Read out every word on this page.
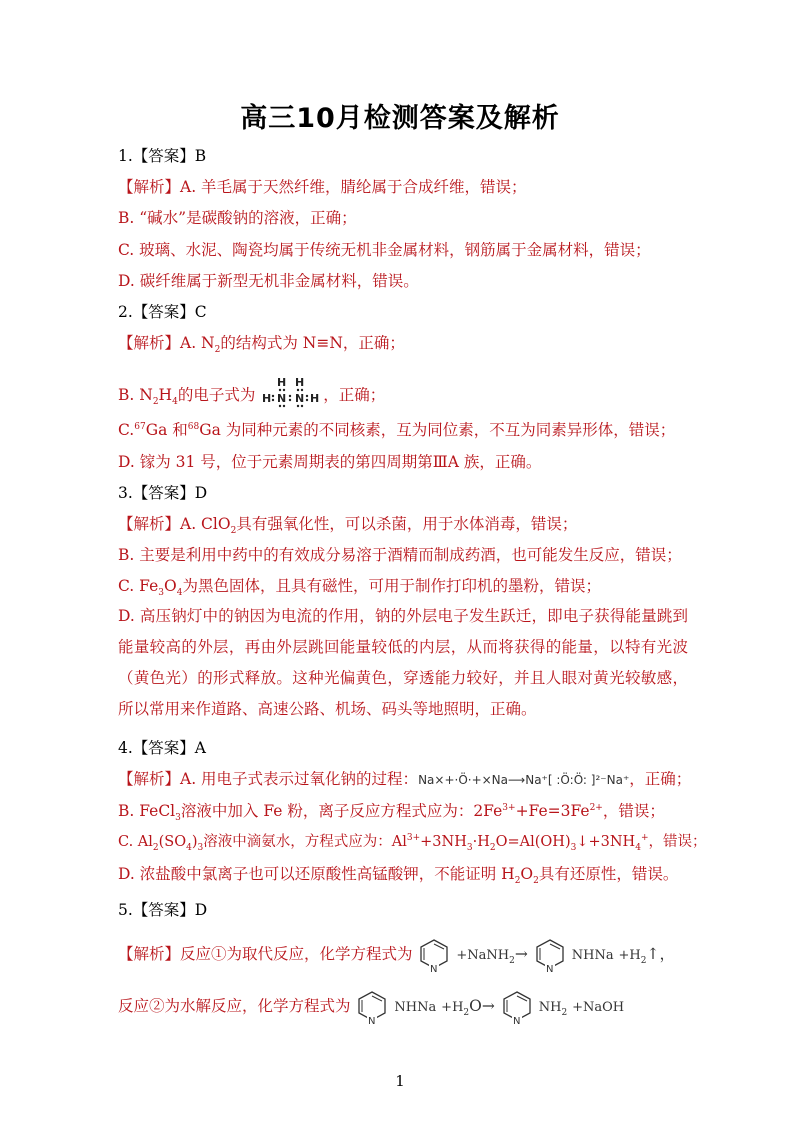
高三10月检测答案及解析
1.【答案】B
【解析】A. 羊毛属于天然纤维，腈纶属于合成纤维，错误；
B. “碱水”是碳酸钠的溶液，正确；
C. 玻璃、水泥、陶瓷均属于传统无机非金属材料，钢筋属于金属材料，错误；
D. 碳纤维属于新型无机非金属材料，错误。
2.【答案】C
【解析】A. $N_2$的结构式为 N≡N，正确；
B. $N_2H_4$的电子式为
H H
H N N H ，正确；
C.$^{67}$Ga 和$^{68}$Ga 为同种元素的不同核素，互为同位素，不互为同素异形体，错误；
D. 镓为 31 号，位于元素周期表的第四周期第ⅢA 族，正确。
3.【答案】D
【解析】A. ClO$_2$具有强氧化性，可以杀菌，用于水体消毒，错误；
B. 主要是利用中药中的有效成分易溶于酒精而制成药酒，也可能发生反应，错误；
C. $Fe_3O_4$为黑色固体，且具有磁性，可用于制作打印机的墨粉，错误；
D. 高压钠灯中的钠因为电流的作用，钠的外层电子发生跃迁，即电子获得能量跳到能量较高的外层，再由外层跳回能量较低的内层，从而将获得的能量，以特有光波（黄色光）的形式释放。这种光偏黄色，穿透能力较好，并且人眼对黄光较敏感，所以常用来作道路、高速公路、机场、码头等地照明，正确。
4.【答案】A
【解析】A. 用电子式表示过氧化钠的过程：Na×+·Ö·+×Na⟶Na⁺[ :Ö:Ö: ]²⁻Na⁺，正确；
B. FeCl$_3$溶液中加入 Fe 粉，离子反应方程式应为：$2Fe^{3+}+Fe=3Fe^{2+}$，错误；
C. $Al_2(SO_4)_3$溶液中滴氨水，方程式应为：$Al^{3+}+3NH_3\cdot H_2O=Al(OH)_3↓+3NH_4^+$，错误；
D. 浓盐酸中氯离子也可以还原酸性高锰酸钾，不能证明 $H_2O_2$具有还原性，错误。
5.【答案】D
【解析】反应①为取代反应，化学方程式为
N
+NaNH$_2$→
N
NHNa $+H_2↑$，
反应②为水解反应，化学方程式为
N
NHNa $+H_2O\to$
N
$NH_2$ +NaOH
1
